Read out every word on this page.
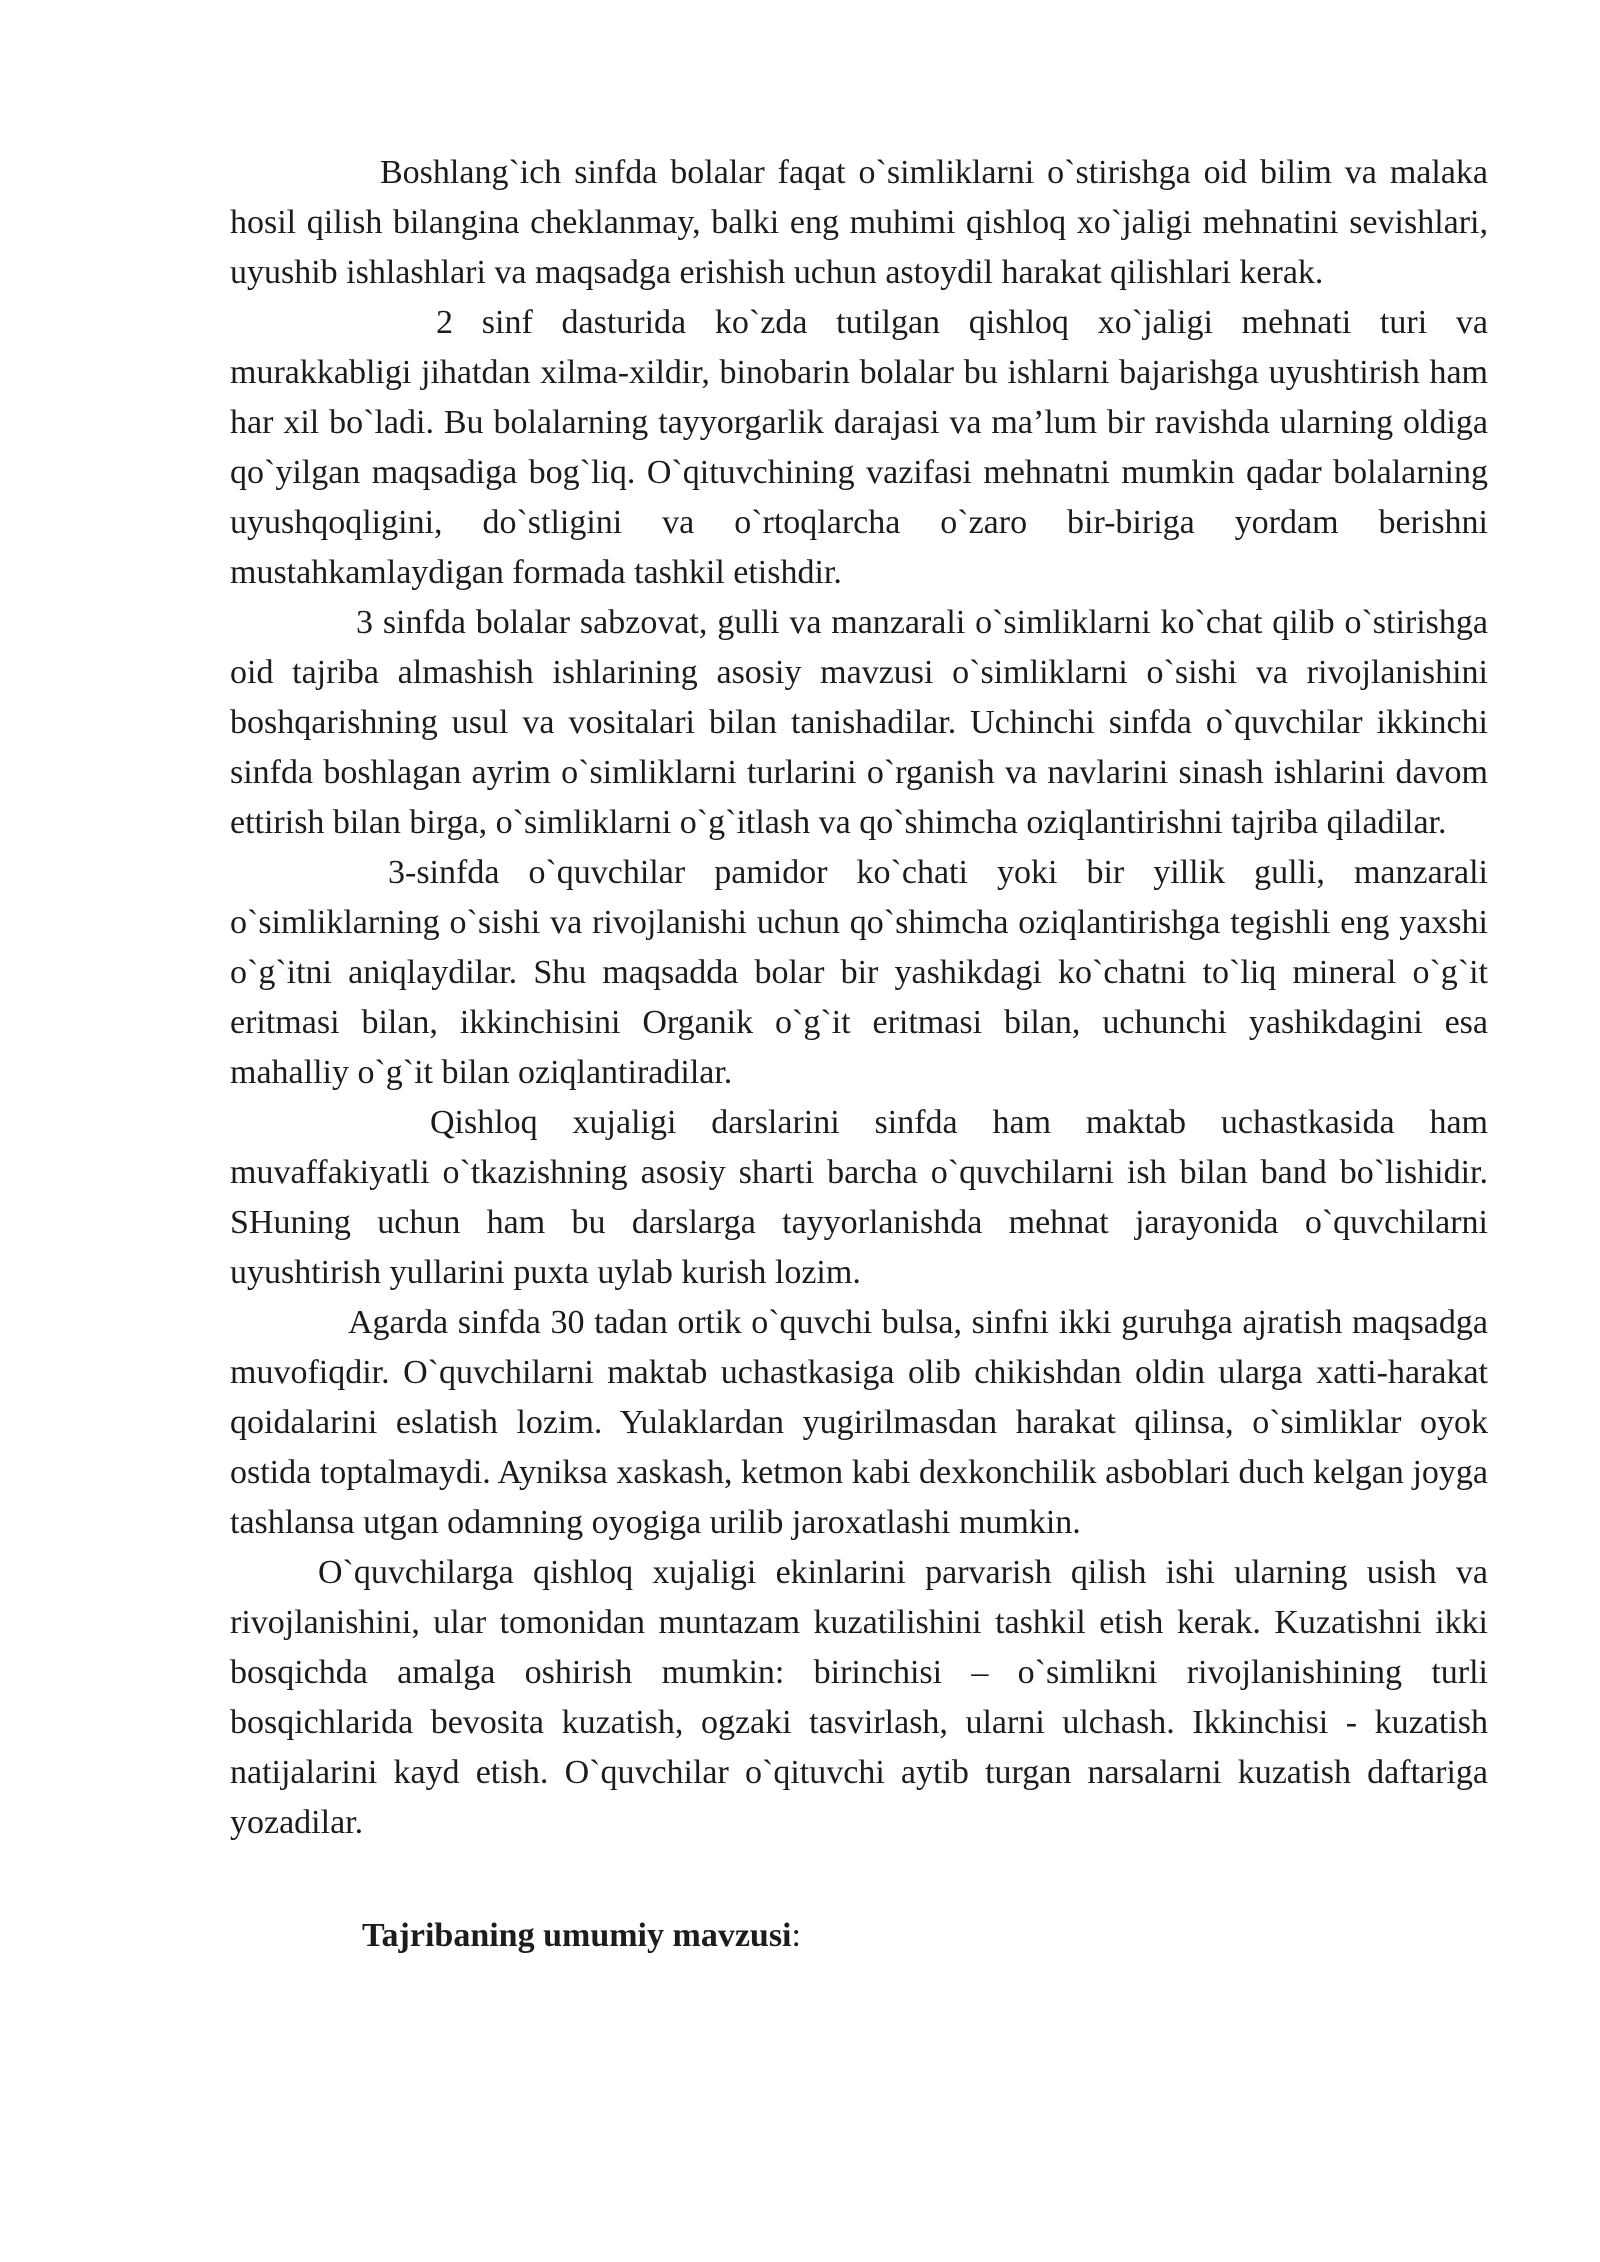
Boshlang`ich sinfda bolalar faqat o`simliklarni o`stirishga oid bilim va malaka hosil qilish bilangina cheklanmay, balki eng muhimi qishloq xo`jaligi mehnatini sevishlari, uyushib ishlashlari va maqsadga erishish uchun astoydil harakat qilishlari kerak.

2 sinf dasturida ko`zda tutilgan qishloq xo`jaligi mehnati turi va murakkabligi jihatdan xilma-xildir, binobarin bolalar bu ishlarni bajarishga uyushtirish ham har xil bo`ladi. Bu bolalarning tayyorgarlik darajasi va ma’lum bir ravishda ularning oldiga qo`yilgan maqsadiga bog`liq. O`qituvchining vazifasi mehnatni mumkin qadar bolalarning uyushqoqligini, do`stligini va o`rtoqlarcha o`zaro bir-biriga yordam berishni mustahkamlaydigan formada tashkil etishdir.

3 sinfda bolalar sabzovat, gulli va manzarali o`simliklarni ko`chat qilib o`stirishga oid tajriba almashish ishlarining asosiy mavzusi o`simliklarni o`sishi va rivojlanishini boshqarishning usul va vositalari bilan tanishadilar. Uchinchi sinfda o`quvchilar ikkinchi sinfda boshlagan ayrim o`simliklarni turlarini o`rganish va navlarini sinash ishlarini davom ettirish bilan birga, o`simliklarni o`g`itlash va qo`shimcha oziqlantirishni tajriba qiladilar.

3-sinfda o`quvchilar pamidor ko`chati yoki bir yillik gulli, manzarali o`simliklarning o`sishi va rivojlanishi uchun qo`shimcha oziqlantirishga tegishli eng yaxshi o`g`itni aniqlaydilar. Shu maqsadda bolar bir yashikdagi ko`chatni to`liq mineral o`g`it eritmasi bilan, ikkinchisini Organik o`g`it eritmasi bilan, uchunchi yashikdagini esa mahalliy o`g`it bilan oziqlantiradilar.

Qishloq xujaligi darslarini sinfda ham maktab uchastkasida ham muvaffakiyatli o`tkazishning asosiy sharti barcha o`quvchilarni ish bilan band bo`lishidir. SHuning uchun ham bu darslarga tayyorlanishda mehnat jarayonida o`quvchilarni uyushtirish yullarini puxta uylab kurish lozim.

Agarda sinfda 30 tadan ortik o`quvchi bulsa, sinfni ikki guruhga ajratish maqsadga muvofiqdir. O`quvchilarni maktab uchastkasiga olib chikishdan oldin ularga xatti-harakat qoidalarini eslatish lozim. Yulaklardan yugirilmasdan harakat qilinsa, o`simliklar oyok ostida toptalmaydi. Ayniksa xaskash, ketmon kabi dexkonchilik asboblari duch kelgan joyga tashlansa utgan odamning oyogiga urilib jaroxatlashi mumkin.

O`quvchilarga qishloq xujaligi ekinlarini parvarish qilish ishi ularning usish va rivojlanishini, ular tomonidan muntazam kuzatilishini tashkil etish kerak. Kuzatishni ikki bosqichda amalga oshirish mumkin: birinchisi – o`simlikni rivojlanishining turli bosqichlarida bevosita kuzatish, ogzaki tasvirlash, ularni ulchash. Ikkinchisi - kuzatish natijalarini kayd etish. O`quvchilar o`qituvchi aytib turgan narsalarni kuzatish daftariga yozadilar.

Tajribaning umumiy mavzusi:
